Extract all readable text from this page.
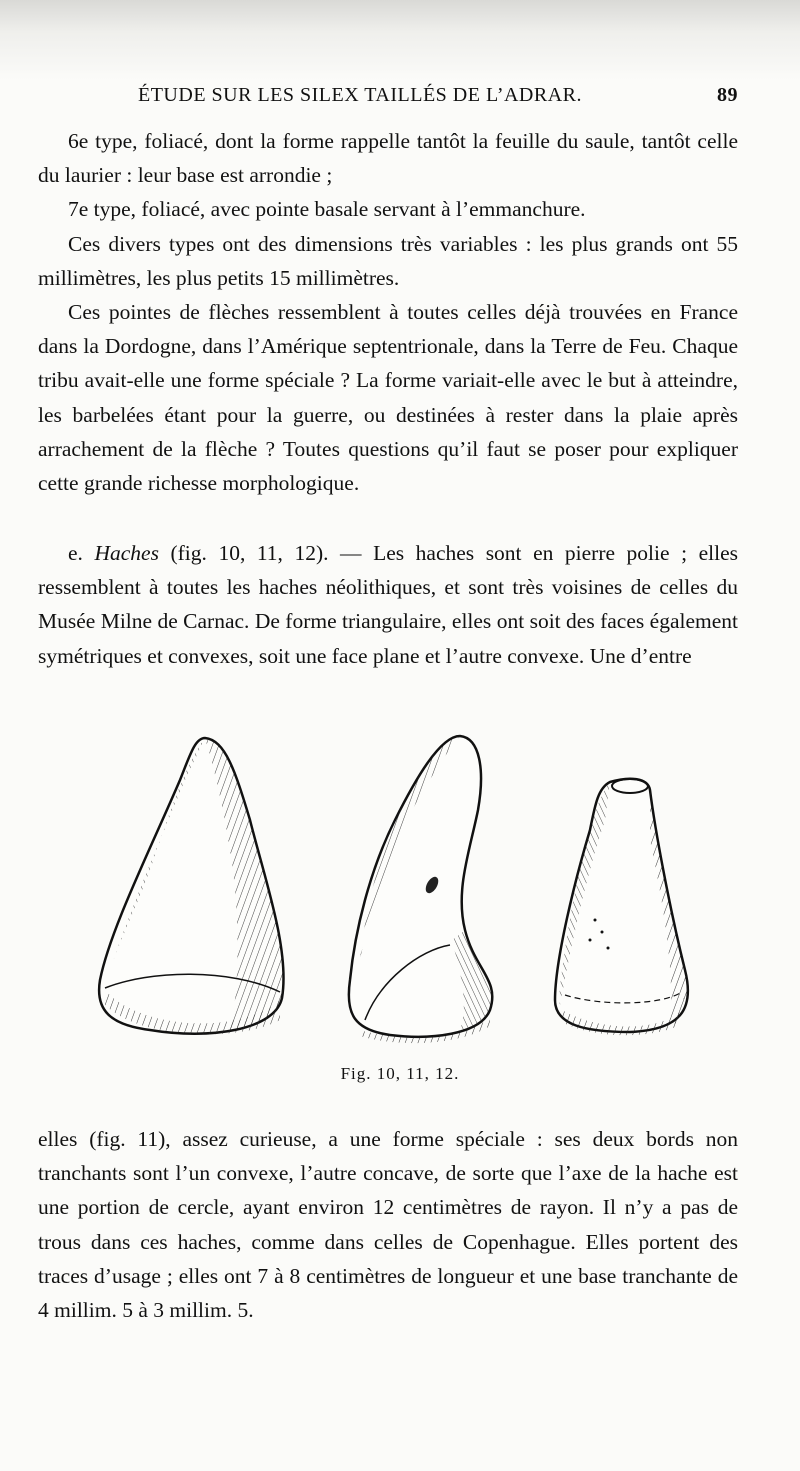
ÉTUDE SUR LES SILEX TAILLÉS DE L’ADRAR.	89

6e type, foliacé, dont la forme rappelle tantôt la feuille du saule, tantôt celle du laurier : leur base est arrondie ;

7e type, foliacé, avec pointe basale servant à l’emmanchure.

Ces divers types ont des dimensions très variables : les plus grands ont 55 millimètres, les plus petits 15 millimètres.

Ces pointes de flèches ressemblent à toutes celles déjà trouvées en France dans la Dordogne, dans l’Amérique septentrionale, dans la Terre de Feu. Chaque tribu avait-elle une forme spéciale ? La forme variait-elle avec le but à atteindre, les barbelées étant pour la guerre, ou destinées à rester dans la plaie après arrachement de la flèche ? Toutes questions qu’il faut se poser pour expliquer cette grande richesse morphologique.

e. Haches (fig. 10, 11, 12). — Les haches sont en pierre polie ; elles ressemblent à toutes les haches néolithiques, et sont très voisines de celles du Musée Milne de Carnac. De forme triangulaire, elles ont soit des faces également symétriques et convexes, soit une face plane et l’autre convexe. Une d’entre

Fig. 10, 11, 12.

elles (fig. 11), assez curieuse, a une forme spéciale : ses deux bords non tranchants sont l’un convexe, l’autre concave, de sorte que l’axe de la hache est une portion de cercle, ayant environ 12 centimètres de rayon. Il n’y a pas de trous dans ces haches, comme dans celles de Copenhague. Elles portent des traces d’usage ; elles ont 7 à 8 centimètres de longueur et une base tranchante de 4 millim. 5 à 3 millim. 5.
